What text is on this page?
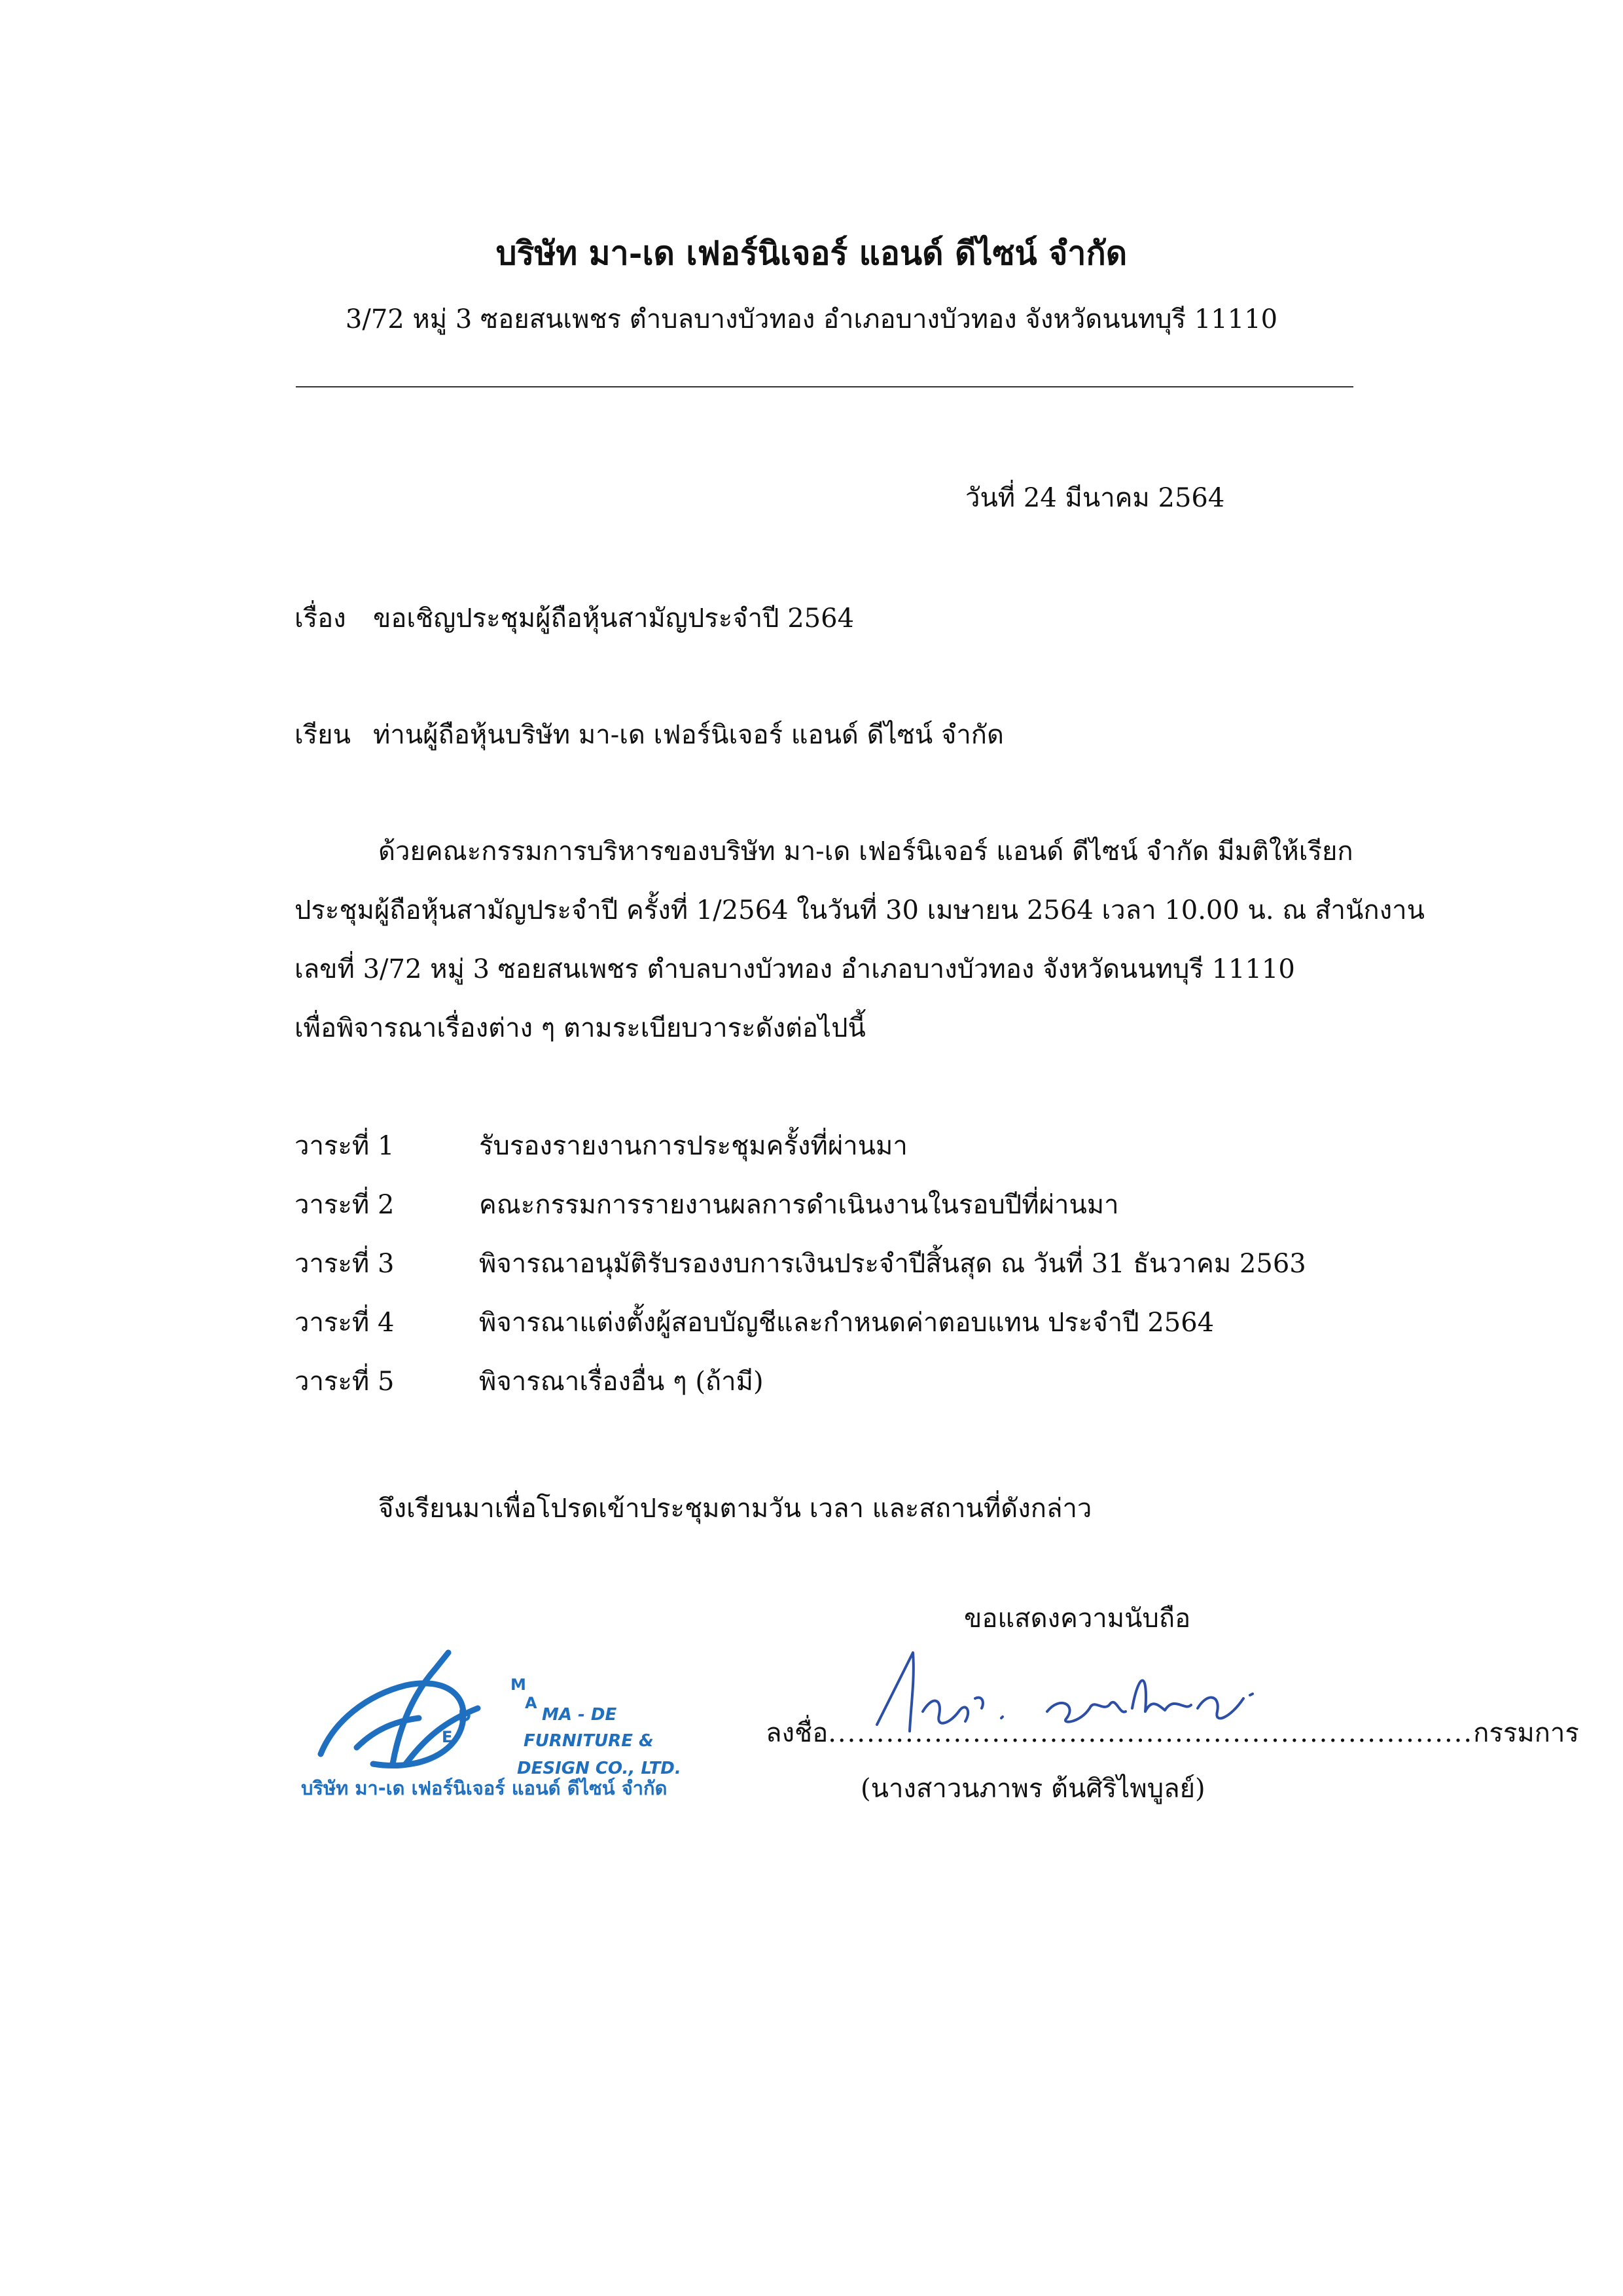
บริษัท มา-เด เฟอร์นิเจอร์ แอนด์ ดีไซน์ จำกัด
3/72 หมู่ 3 ซอยสนเพชร ตำบลบางบัวทอง อำเภอบางบัวทอง จังหวัดนนทบุรี 11110
วันที่ 24 มีนาคม 2564
เรื่อง ขอเชิญประชุมผู้ถือหุ้นสามัญประจำปี 2564
เรียน ท่านผู้ถือหุ้นบริษัท มา-เด เฟอร์นิเจอร์ แอนด์ ดีไซน์ จำกัด
ด้วยคณะกรรมการบริหารของบริษัท มา-เด เฟอร์นิเจอร์ แอนด์ ดีไซน์ จำกัด มีมติให้เรียก
ประชุมผู้ถือหุ้นสามัญประจำปี ครั้งที่ 1/2564 ในวันที่ 30 เมษายน 2564 เวลา 10.00 น. ณ สำนักงาน
เลขที่ 3/72 หมู่ 3 ซอยสนเพชร ตำบลบางบัวทอง อำเภอบางบัวทอง จังหวัดนนทบุรี 11110
เพื่อพิจารณาเรื่องต่าง ๆ ตามระเบียบวาระดังต่อไปนี้
วาระที่ 1	รับรองรายงานการประชุมครั้งที่ผ่านมา
วาระที่ 2	คณะกรรมการรายงานผลการดำเนินงานในรอบปีที่ผ่านมา
วาระที่ 3	พิจารณาอนุมัติรับรองงบการเงินประจำปีสิ้นสุด ณ วันที่ 31 ธันวาคม 2563
วาระที่ 4	พิจารณาแต่งตั้งผู้สอบบัญชีและกำหนดค่าตอบแทน ประจำปี 2564
วาระที่ 5	พิจารณาเรื่องอื่น ๆ (ถ้ามี)
จึงเรียนมาเพื่อโปรดเข้าประชุมตามวัน เวลา และสถานที่ดังกล่าว
ขอแสดงความนับถือ
ลงชื่อ...................................................................กรรมการ
(นางสาวนภาพร ต้นศิริไพบูลย์)
M
A
D
E
MA - DE
FURNITURE &
DESIGN CO., LTD.
บริษัท มา-เด เฟอร์นิเจอร์ แอนด์ ดีไซน์ จำกัด
